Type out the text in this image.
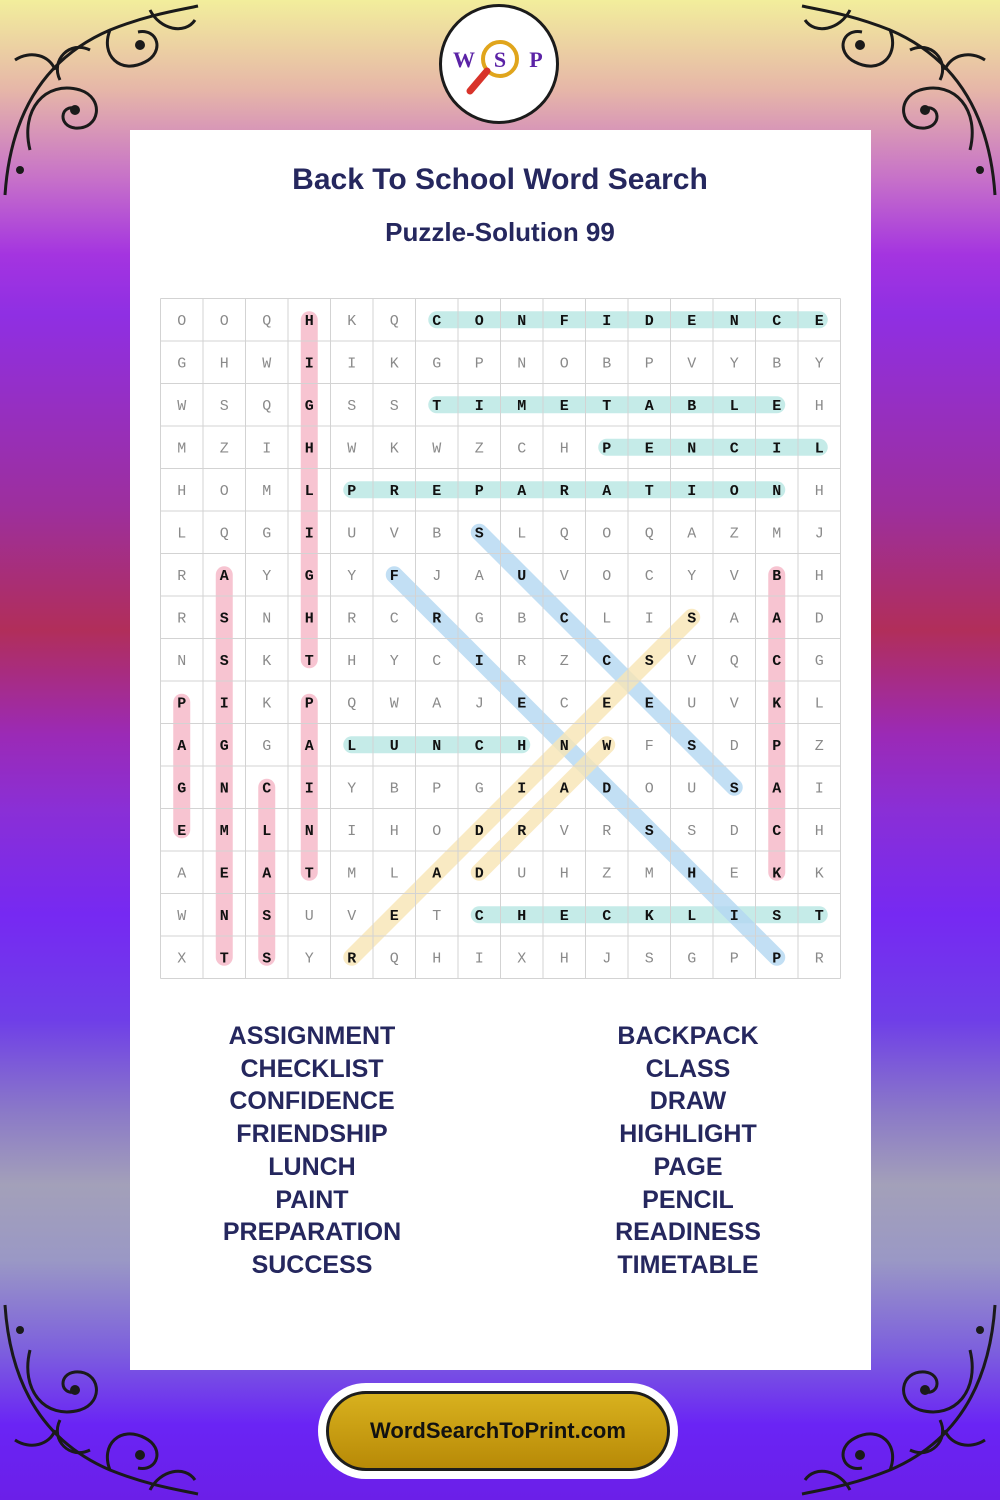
W S P
Back To School Word Search
Puzzle-Solution 99
O O Q H K Q C O N F I D E N C E
G H W I I K G P N O B P V Y B Y
W S Q G S S T I M E T A B L E H
M Z I H W K W Z C H P E N C I L
H O M L P R E P A R A T I O N H
L Q G I U V B S L Q O Q A Z M J
R A Y G Y F J A U V O C Y V B H
R S N H R C R G B C L I S A A D
N S K T H Y C I R Z C S V Q C G
P I K P Q W A J E C E E U V K L
A G G A L U N C H N W F S D P Z
G N C I Y B P G I A D O U S A I
E M L N I H O D R V R S S D C H
A E A T M L A D U H Z M H E K K
W N S U V E T C H E C K L I S T
X T S Y R Q H I X H J S G P P R
ASSIGNMENT
CHECKLIST
CONFIDENCE
FRIENDSHIP
LUNCH
PAINT
PREPARATION
SUCCESS
BACKPACK
CLASS
DRAW
HIGHLIGHT
PAGE
PENCIL
READINESS
TIMETABLE
WordSearchToPrint.com
